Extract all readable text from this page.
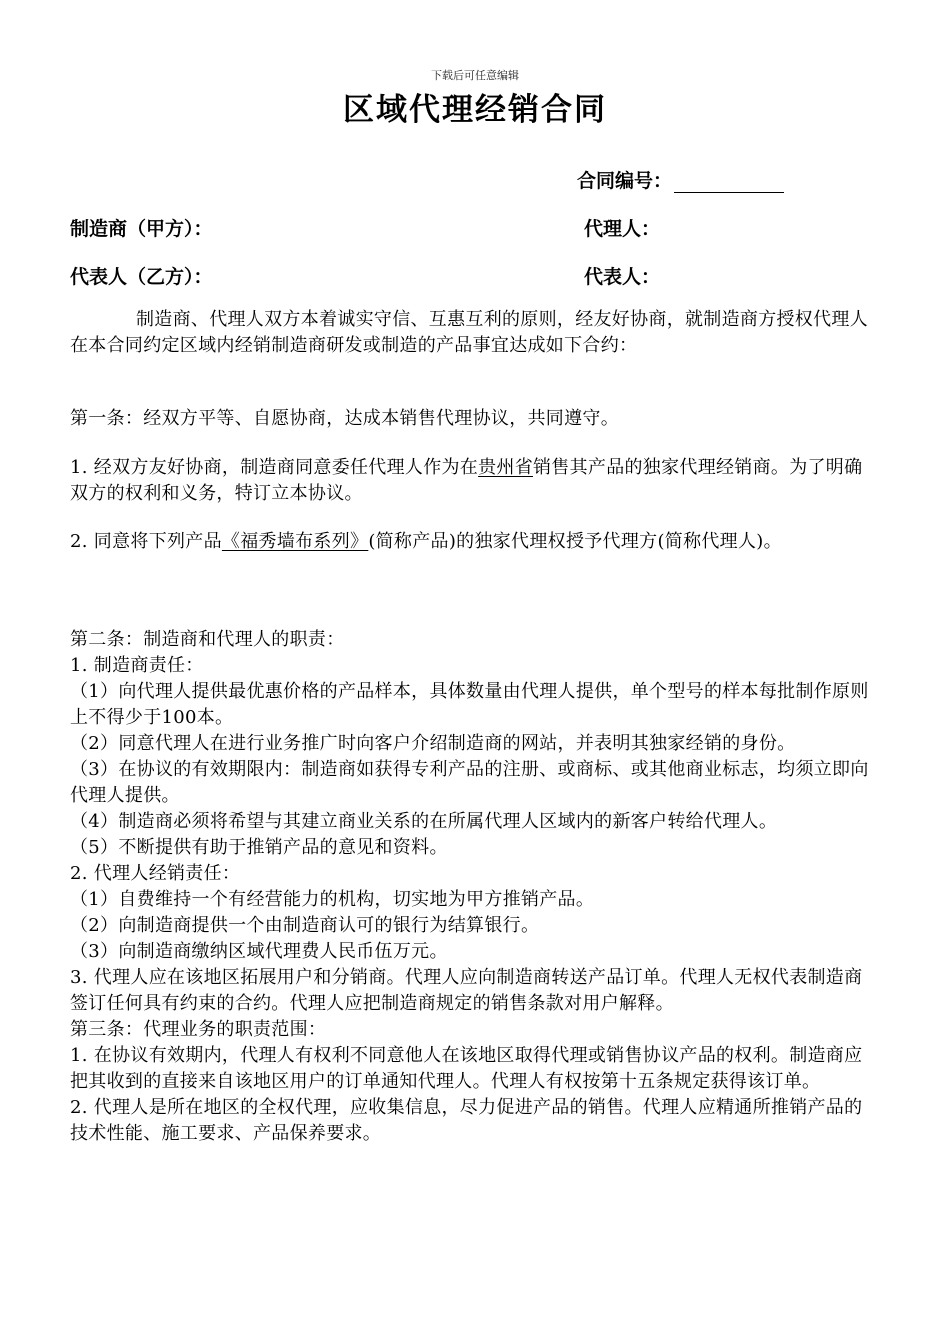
下载后可任意编辑
区域代理经销合同
合同编号：
制造商（甲方）：	代理人：
代表人（乙方）：	代表人：

制造商、代理人双方本着诚实守信、互惠互利的原则，经友好协商，就制造商方授权代理人在本合同约定区域内经销制造商研发或制造的产品事宜达成如下合约：

第一条：经双方平等、自愿协商，达成本销售代理协议，共同遵守。

1. 经双方友好协商，制造商同意委任代理人作为在贵州省销售其产品的独家代理经销商。为了明确双方的权利和义务，特订立本协议。

2. 同意将下列产品《福秀墙布系列》(简称产品)的独家代理权授予代理方(简称代理人)。

第二条：制造商和代理人的职责：

1. 制造商责任：

（1）向代理人提供最优惠价格的产品样本，具体数量由代理人提供，单个型号的样本每批制作原则上不得少于100本。

（2）同意代理人在进行业务推广时向客户介绍制造商的网站，并表明其独家经销的身份。

（3）在协议的有效期限内：制造商如获得专利产品的注册、或商标、或其他商业标志，均须立即向代理人提供。

（4）制造商必须将希望与其建立商业关系的在所属代理人区域内的新客户转给代理人。

（5）不断提供有助于推销产品的意见和资料。

2. 代理人经销责任：

（1）自费维持一个有经营能力的机构，切实地为甲方推销产品。

（2）向制造商提供一个由制造商认可的银行为结算银行。

（3）向制造商缴纳区域代理费人民币伍万元。

3. 代理人应在该地区拓展用户和分销商。代理人应向制造商转送产品订单。代理人无权代表制造商签订任何具有约束的合约。代理人应把制造商规定的销售条款对用户解释。

第三条：代理业务的职责范围：

1. 在协议有效期内，代理人有权利不同意他人在该地区取得代理或销售协议产品的权利。制造商应把其收到的直接来自该地区用户的订单通知代理人。代理人有权按第十五条规定获得该订单。

2. 代理人是所在地区的全权代理，应收集信息，尽力促进产品的销售。代理人应精通所推销产品的技术性能、施工要求、产品保养要求。
